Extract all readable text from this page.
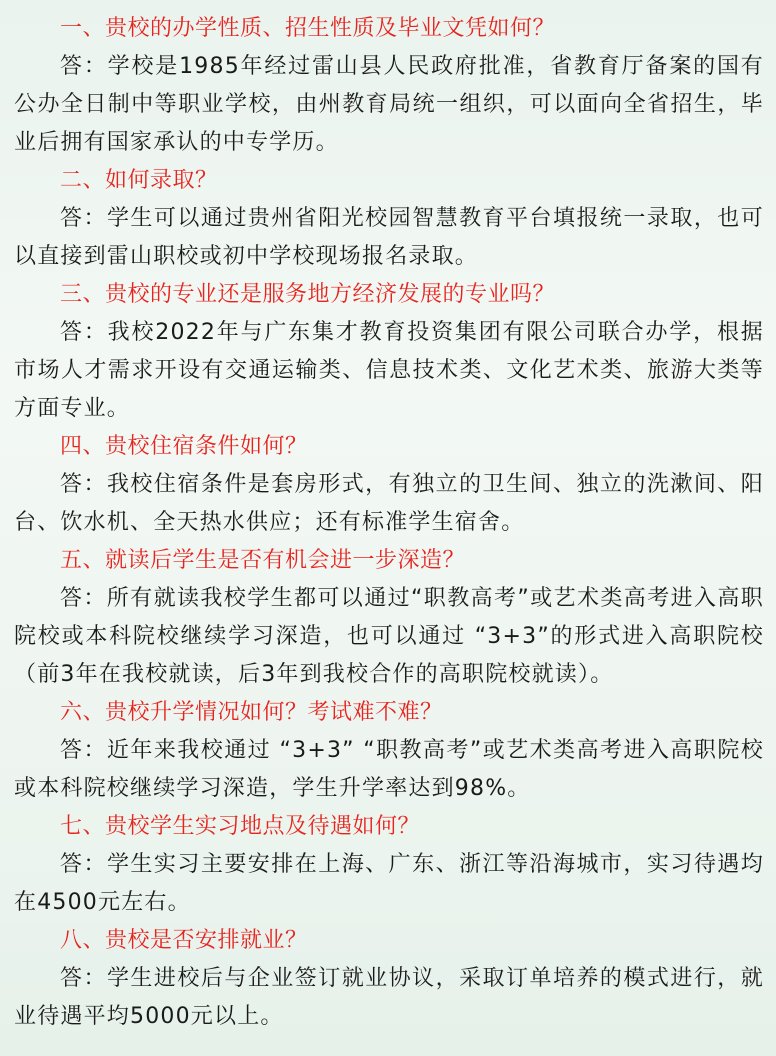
一、贵校的办学性质、招生性质及毕业文凭如何？

答：学校是1985年经过雷山县人民政府批准，省教育厅备案的国有公办全日制中等职业学校，由州教育局统一组织，可以面向全省招生，毕业后拥有国家承认的中专学历。

二、如何录取？

答：学生可以通过贵州省阳光校园智慧教育平台填报统一录取，也可以直接到雷山职校或初中学校现场报名录取。

三、贵校的专业还是服务地方经济发展的专业吗？

答：我校2022年与广东集才教育投资集团有限公司联合办学，根据市场人才需求开设有交通运输类、信息技术类、文化艺术类、旅游大类等方面专业。

四、贵校住宿条件如何？

答：我校住宿条件是套房形式，有独立的卫生间、独立的洗漱间、阳台、饮水机、全天热水供应；还有标准学生宿舍。

五、就读后学生是否有机会进一步深造？

答：所有就读我校学生都可以通过“职教高考”或艺术类高考进入高职院校或本科院校继续学习深造，也可以通过 “3+3”的形式进入高职院校（前3年在我校就读，后3年到我校合作的高职院校就读）。

六、贵校升学情况如何？考试难不难？

答：近年来我校通过 “3+3” “职教高考”或艺术类高考进入高职院校或本科院校继续学习深造，学生升学率达到98%。

七、贵校学生实习地点及待遇如何？

答：学生实习主要安排在上海、广东、浙江等沿海城市，实习待遇均在4500元左右。

八、贵校是否安排就业？

答：学生进校后与企业签订就业协议，采取订单培养的模式进行，就业待遇平均5000元以上。
